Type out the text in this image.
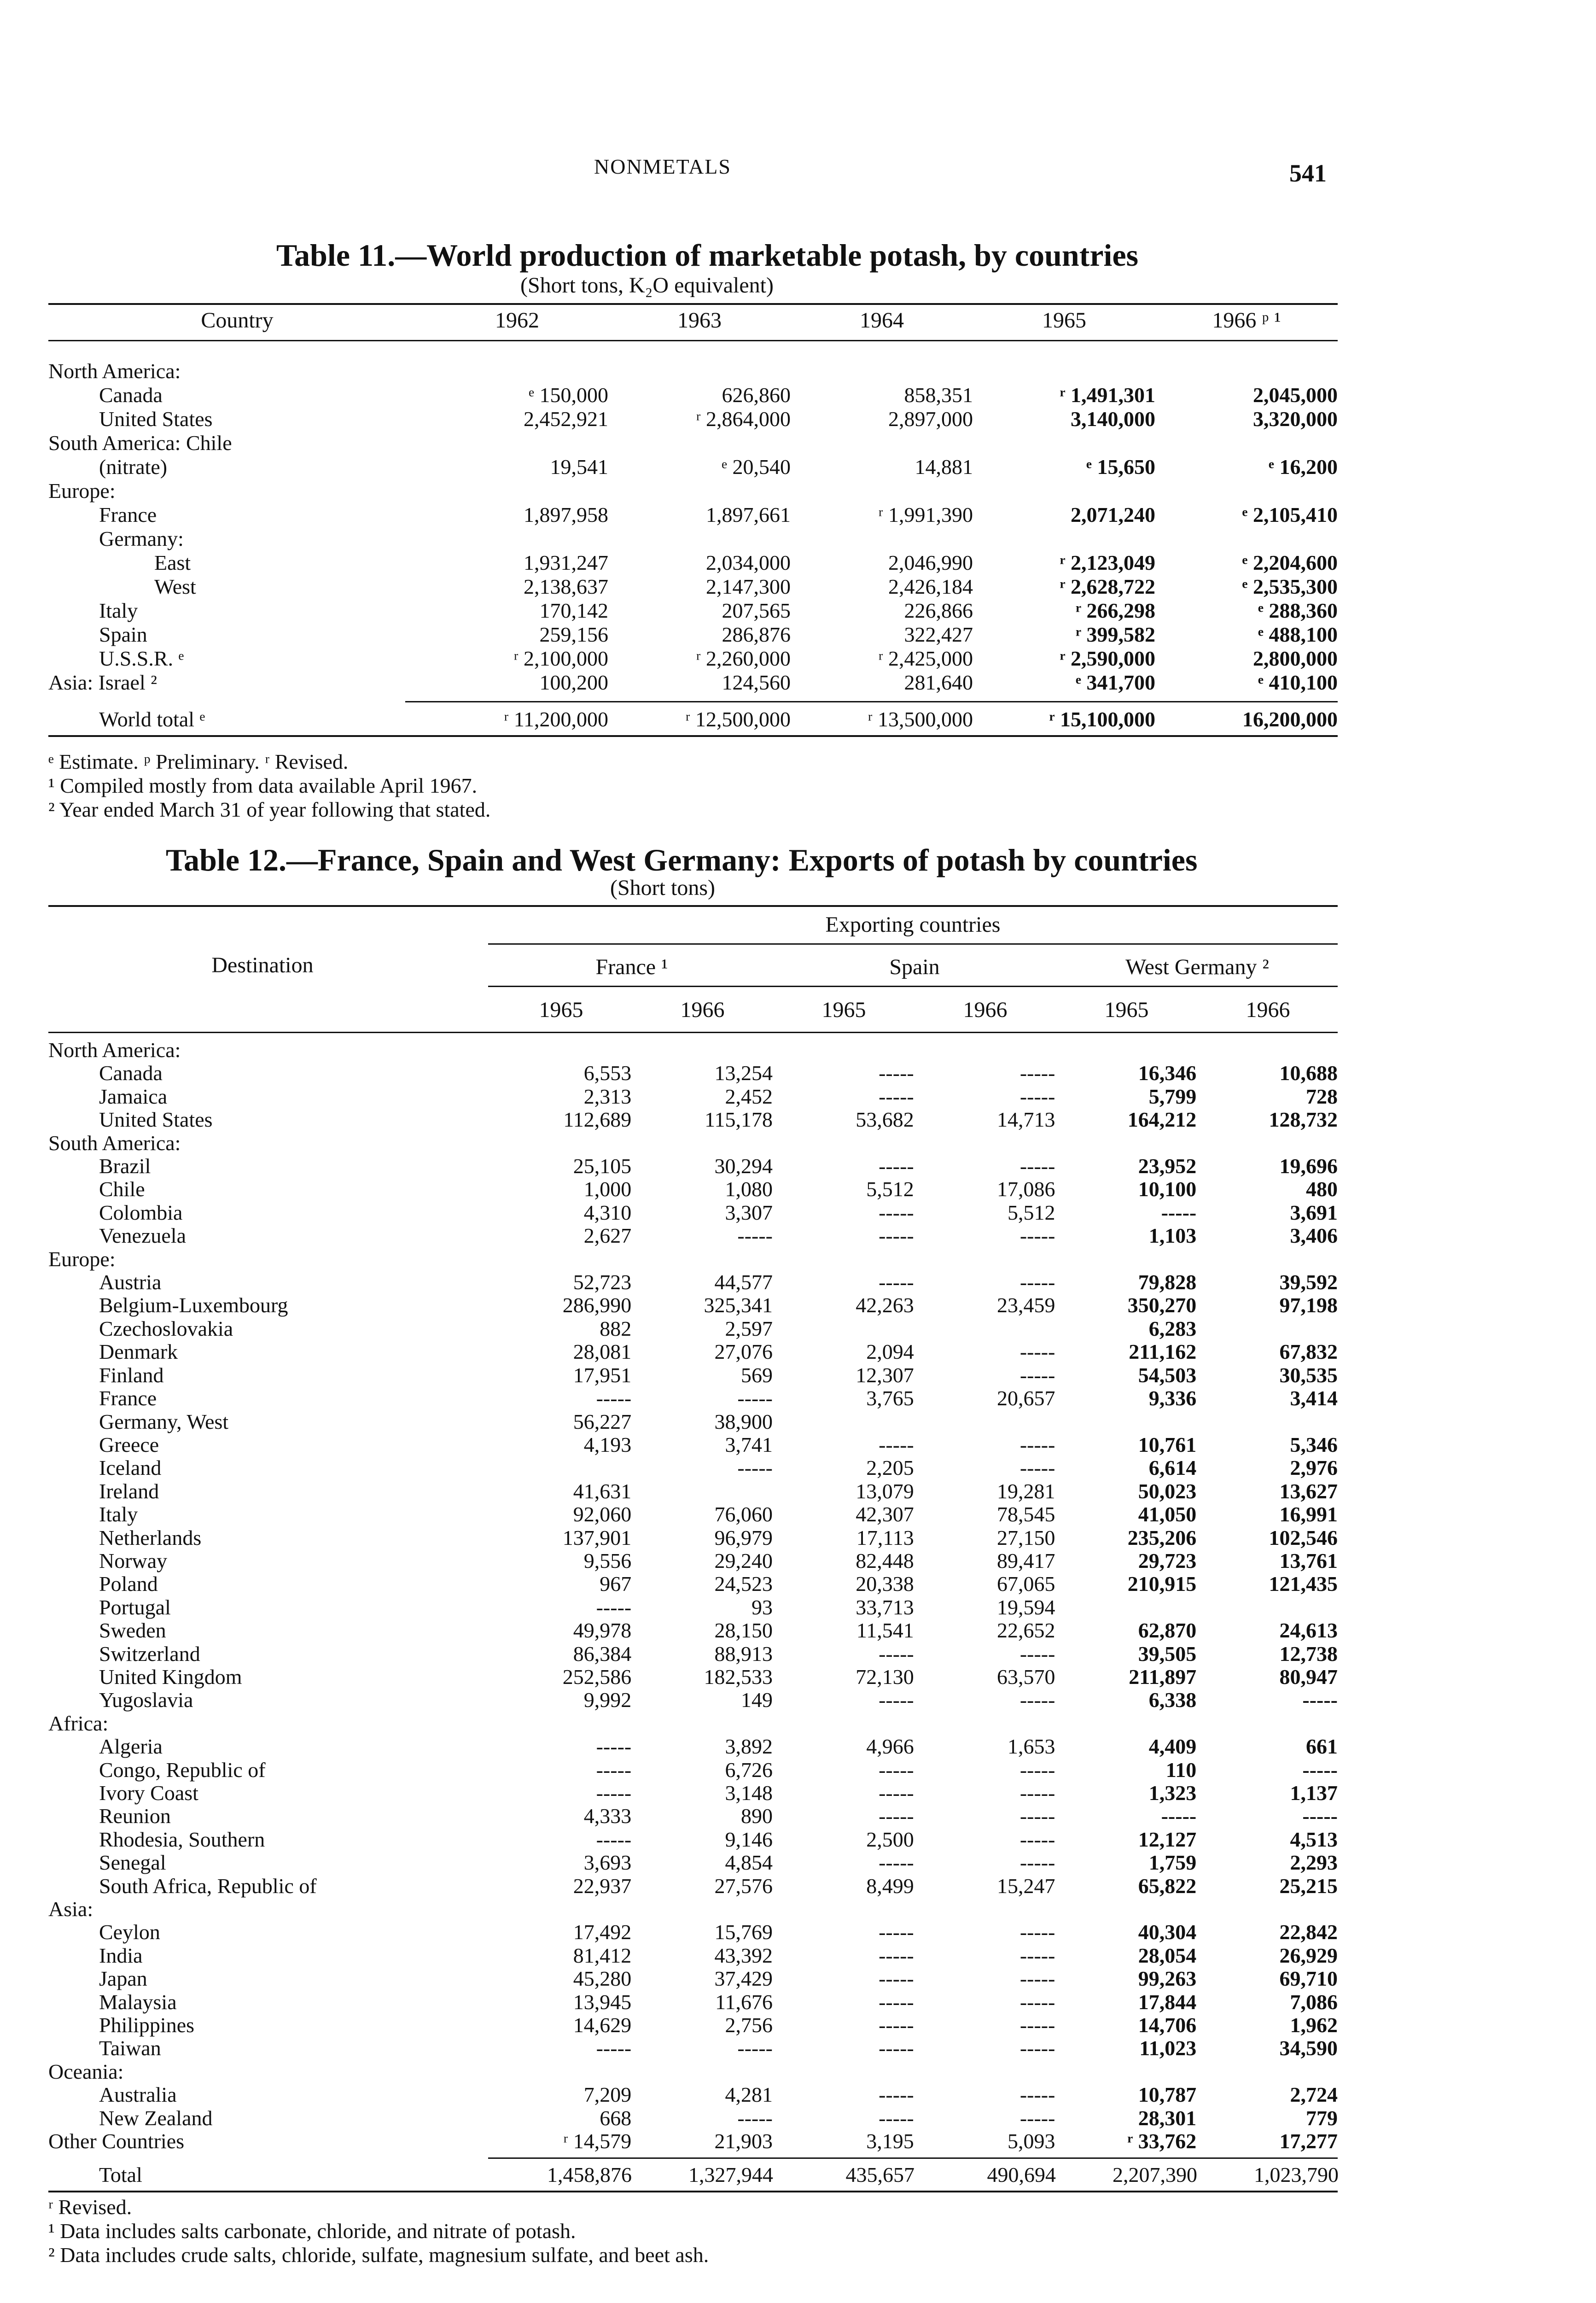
NONMETALS	541
Table 11.—World production of marketable potash, by countries
(Short tons, K₂O equivalent)
Country	1962	1963	1964	1965	1966 ᵖ ¹
North America:					
Canada	ᵉ 150,000	626,860	858,351	ʳ 1,491,301	2,045,000
United States	2,452,921	ʳ 2,864,000	2,897,000	3,140,000	3,320,000
South America: Chile					
(nitrate)	19,541	ᵉ 20,540	14,881	ᵉ 15,650	ᵉ 16,200
Europe:					
France	1,897,958	1,897,661	ʳ 1,991,390	2,071,240	ᵉ 2,105,410
Germany:					
East	1,931,247	2,034,000	2,046,990	ʳ 2,123,049	ᵉ 2,204,600
West	2,138,637	2,147,300	2,426,184	ʳ 2,628,722	ᵉ 2,535,300
Italy	170,142	207,565	226,866	ʳ 266,298	ᵉ 288,360
Spain	259,156	286,876	322,427	ʳ 399,582	ᵉ 488,100
U.S.S.R. ᵉ	ʳ 2,100,000	ʳ 2,260,000	ʳ 2,425,000	ʳ 2,590,000	2,800,000
Asia: Israel ²	100,200	124,560	281,640	ᵉ 341,700	ᵉ 410,100
World total ᵉ	ʳ 11,200,000	ʳ 12,500,000	ʳ 13,500,000	ʳ 15,100,000	16,200,000
ᵉ Estimate. ᵖ Preliminary. ʳ Revised.
¹ Compiled mostly from data available April 1967.
² Year ended March 31 of year following that stated.
Table 12.—France, Spain and West Germany: Exports of potash by countries
(Short tons)
Destination
Exporting countries
France ¹	Spain	West Germany ²
1965	1966	1965	1966	1965	1966
North America:						
Canada	6,553	13,254	-----	-----	16,346	10,688
Jamaica	2,313	2,452	-----	-----	5,799	728
United States	112,689	115,178	53,682	14,713	164,212	128,732
South America:						
Brazil	25,105	30,294	-----	-----	23,952	19,696
Chile	1,000	1,080	5,512	17,086	10,100	480
Colombia	4,310	3,307	-----	5,512	-----	3,691
Venezuela	2,627	-----	-----	-----	1,103	3,406
Europe:						
Austria	52,723	44,577	-----	-----	79,828	39,592
Belgium-Luxembourg	286,990	325,341	42,263	23,459	350,270	97,198
Czechoslovakia	882	2,597			6,283	
Denmark	28,081	27,076	2,094	-----	211,162	67,832
Finland	17,951	569	12,307	-----	54,503	30,535
France	-----	-----	3,765	20,657	9,336	3,414
Germany, West	56,227	38,900				
Greece	4,193	3,741	-----	-----	10,761	5,346
Iceland		-----	2,205	-----	6,614	2,976
Ireland	41,631		13,079	19,281	50,023	13,627
Italy	92,060	76,060	42,307	78,545	41,050	16,991
Netherlands	137,901	96,979	17,113	27,150	235,206	102,546
Norway	9,556	29,240	82,448	89,417	29,723	13,761
Poland	967	24,523	20,338	67,065	210,915	121,435
Portugal	-----	93	33,713	19,594		
Sweden	49,978	28,150	11,541	22,652	62,870	24,613
Switzerland	86,384	88,913	-----	-----	39,505	12,738
United Kingdom	252,586	182,533	72,130	63,570	211,897	80,947
Yugoslavia	9,992	149	-----	-----	6,338	-----
Africa:						
Algeria	-----	3,892	4,966	1,653	4,409	661
Congo, Republic of	-----	6,726	-----	-----	110	-----
Ivory Coast	-----	3,148	-----	-----	1,323	1,137
Reunion	4,333	890	-----	-----	-----	-----
Rhodesia, Southern	-----	9,146	2,500	-----	12,127	4,513
Senegal	3,693	4,854	-----	-----	1,759	2,293
South Africa, Republic of	22,937	27,576	8,499	15,247	65,822	25,215
Asia:						
Ceylon	17,492	15,769	-----	-----	40,304	22,842
India	81,412	43,392	-----	-----	28,054	26,929
Japan	45,280	37,429	-----	-----	99,263	69,710
Malaysia	13,945	11,676	-----	-----	17,844	7,086
Philippines	14,629	2,756	-----	-----	14,706	1,962
Taiwan	-----	-----	-----	-----	11,023	34,590
Oceania:						
Australia	7,209	4,281	-----	-----	10,787	2,724
New Zealand	668	-----	-----	-----	28,301	779
Other Countries	ʳ 14,579	21,903	3,195	5,093	ʳ 33,762	17,277
Total	1,458,876	1,327,944	435,657	490,694	2,207,390	1,023,790
ʳ Revised.
¹ Data includes salts carbonate, chloride, and nitrate of potash.
² Data includes crude salts, chloride, sulfate, magnesium sulfate, and beet ash.
